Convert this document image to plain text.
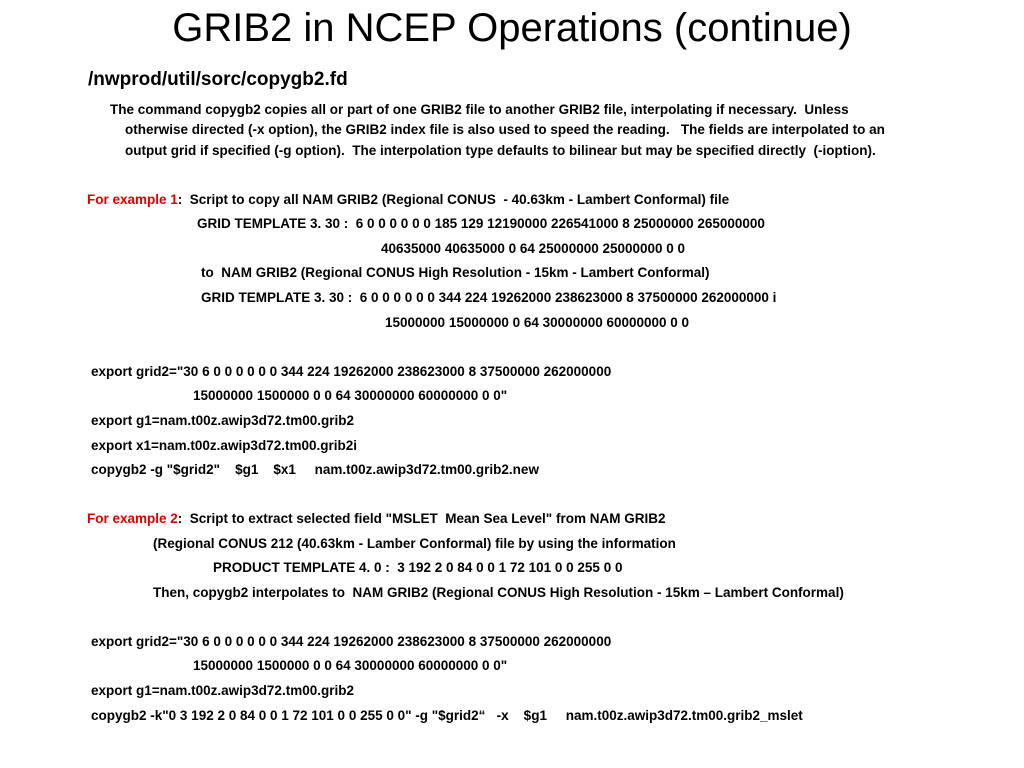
GRIB2 in NCEP Operations (continue)
/nwprod/util/sorc/copygb2.fd
The command copygb2 copies all or part of one GRIB2 file to another GRIB2 file, interpolating if necessary.  Unless
otherwise directed (-x option), the GRIB2 index file is also used to speed the reading.   The fields are interpolated to an
output grid if specified (-g option).  The interpolation type defaults to bilinear but may be specified directly  (-ioption).
For example 1:  Script to copy all NAM GRIB2 (Regional CONUS  - 40.63km - Lambert Conformal) file
GRID TEMPLATE 3. 30 :  6 0 0 0 0 0 0 185 129 12190000 226541000 8 25000000 265000000
40635000 40635000 0 64 25000000 25000000 0 0
to  NAM GRIB2 (Regional CONUS High Resolution - 15km - Lambert Conformal)
GRID TEMPLATE 3. 30 :  6 0 0 0 0 0 0 344 224 19262000 238623000 8 37500000 262000000 i
15000000 15000000 0 64 30000000 60000000 0 0
export grid2="30 6 0 0 0 0 0 0 344 224 19262000 238623000 8 37500000 262000000
15000000 1500000 0 0 64 30000000 60000000 0 0"
export g1=nam.t00z.awip3d72.tm00.grib2
export x1=nam.t00z.awip3d72.tm00.grib2i
copygb2 -g "$grid2"    $g1    $x1     nam.t00z.awip3d72.tm00.grib2.new
For example 2:  Script to extract selected field "MSLET  Mean Sea Level" from NAM GRIB2
(Regional CONUS 212 (40.63km - Lamber Conformal) file by using the information
PRODUCT TEMPLATE 4. 0 :  3 192 2 0 84 0 0 1 72 101 0 0 255 0 0
Then, copygb2 interpolates to  NAM GRIB2 (Regional CONUS High Resolution - 15km – Lambert Conformal)
export grid2="30 6 0 0 0 0 0 0 344 224 19262000 238623000 8 37500000 262000000
15000000 1500000 0 0 64 30000000 60000000 0 0"
export g1=nam.t00z.awip3d72.tm00.grib2
copygb2 -k"0 3 192 2 0 84 0 0 1 72 101 0 0 255 0 0" -g "$grid2“   -x    $g1     nam.t00z.awip3d72.tm00.grib2_mslet
